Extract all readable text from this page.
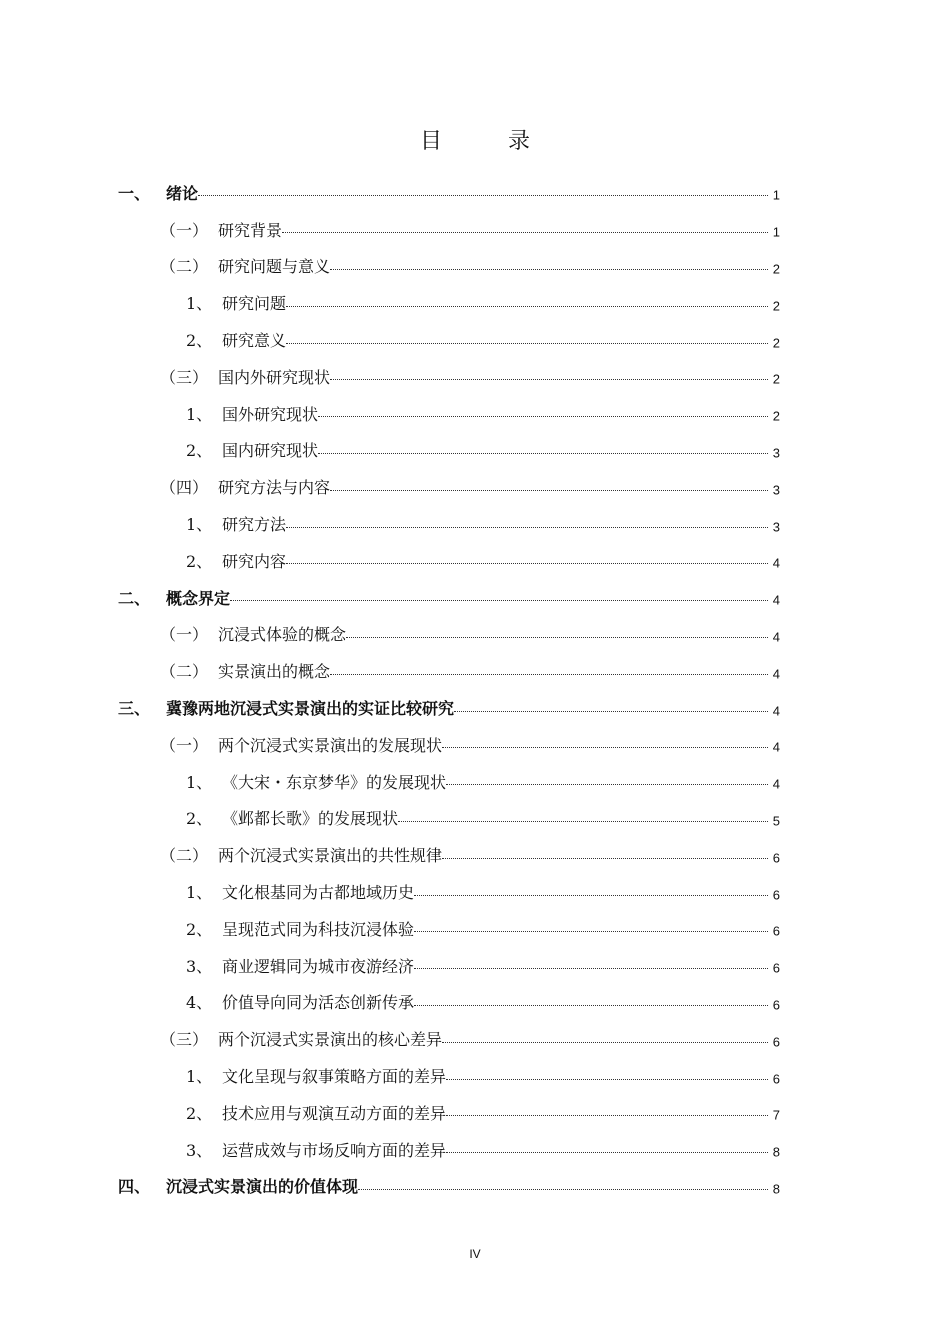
目　录
一、 绪论	1
（一） 研究背景	1
（二） 研究问题与意义	2
1、 研究问题	2
2、 研究意义	2
（三） 国内外研究现状	2
1、 国外研究现状	2
2、 国内研究现状	3
（四） 研究方法与内容	3
1、 研究方法	3
2、 研究内容	4
二、 概念界定	4
（一） 沉浸式体验的概念	4
（二） 实景演出的概念	4
三、 冀豫两地沉浸式实景演出的实证比较研究	4
（一） 两个沉浸式实景演出的发展现状	4
1、 《大宋・东京梦华》的发展现状	4
2、 《邺都长歌》的发展现状	5
（二） 两个沉浸式实景演出的共性规律	6
1、 文化根基同为古都地域历史	6
2、 呈现范式同为科技沉浸体验	6
3、 商业逻辑同为城市夜游经济	6
4、 价值导向同为活态创新传承	6
（三） 两个沉浸式实景演出的核心差异	6
1、 文化呈现与叙事策略方面的差异	6
2、 技术应用与观演互动方面的差异	7
3、 运营成效与市场反响方面的差异	8
四、 沉浸式实景演出的价值体现	8
IV
